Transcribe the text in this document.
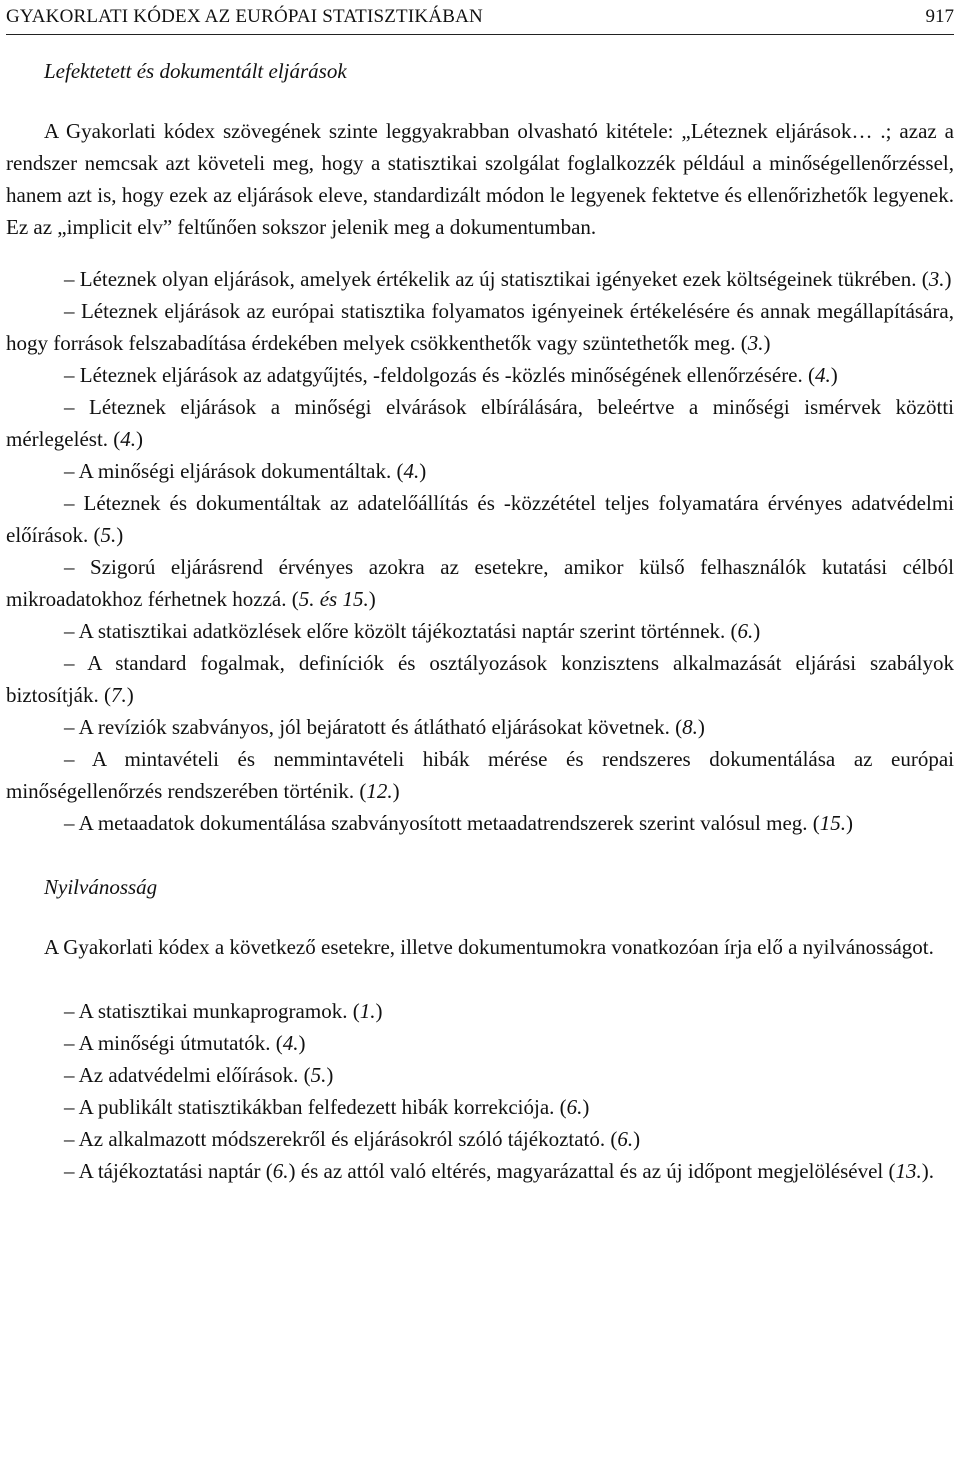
GYAKORLATI KÓDEX AZ EURÓPAI STATISZTIKÁBAN	917
Lefektetett és dokumentált eljárások

A Gyakorlati kódex szövegének szinte leggyakrabban olvasható kitétele: „Léteznek eljárások… .; azaz a rendszer nemcsak azt követeli meg, hogy a statisztikai szolgálat foglalkozzék például a minőségellenőrzéssel, hanem azt is, hogy ezek az eljárások eleve, standardizált módon le legyenek fektetve és ellenőrizhetők legyenek. Ez az „implicit elv” feltűnően sokszor jelenik meg a dokumentumban.

– Léteznek olyan eljárások, amelyek értékelik az új statisztikai igényeket ezek költségeinek tükrében. (3.)

– Léteznek eljárások az európai statisztika folyamatos igényeinek értékelésére és annak megállapítására, hogy források felszabadítása érdekében melyek csökkenthetők vagy szüntethetők meg. (3.)

– Léteznek eljárások az adatgyűjtés, -feldolgozás és -közlés minőségének ellenőrzésére. (4.)

– Léteznek eljárások a minőségi elvárások elbírálására, beleértve a minőségi ismérvek közötti mérlegelést. (4.)

– A minőségi eljárások dokumentáltak. (4.)

– Léteznek és dokumentáltak az adatelőállítás és -közzététel teljes folyamatára érvényes adatvédelmi előírások. (5.)

– Szigorú eljárásrend érvényes azokra az esetekre, amikor külső felhasználók kutatási célból mikroadatokhoz férhetnek hozzá. (5. és 15.)

– A statisztikai adatközlések előre közölt tájékoztatási naptár szerint történnek. (6.)

– A standard fogalmak, definíciók és osztályozások konzisztens alkalmazását eljárási szabályok biztosítják. (7.)

– A revíziók szabványos, jól bejáratott és átlátható eljárásokat követnek. (8.)

– A mintavételi és nemmintavételi hibák mérése és rendszeres dokumentálása az európai minőségellenőrzés rendszerében történik. (12.)

– A metaadatok dokumentálása szabványosított metaadatrendszerek szerint valósul meg. (15.)

Nyilvánosság

A Gyakorlati kódex a következő esetekre, illetve dokumentumokra vonatkozóan írja elő a nyilvánosságot.

– A statisztikai munkaprogramok. (1.)

– A minőségi útmutatók. (4.)

– Az adatvédelmi előírások. (5.)

– A publikált statisztikákban felfedezett hibák korrekciója. (6.)

– Az alkalmazott módszerekről és eljárásokról szóló tájékoztató. (6.)

– A tájékoztatási naptár (6.) és az attól való eltérés, magyarázattal és az új időpont megjelölésével (13.).
